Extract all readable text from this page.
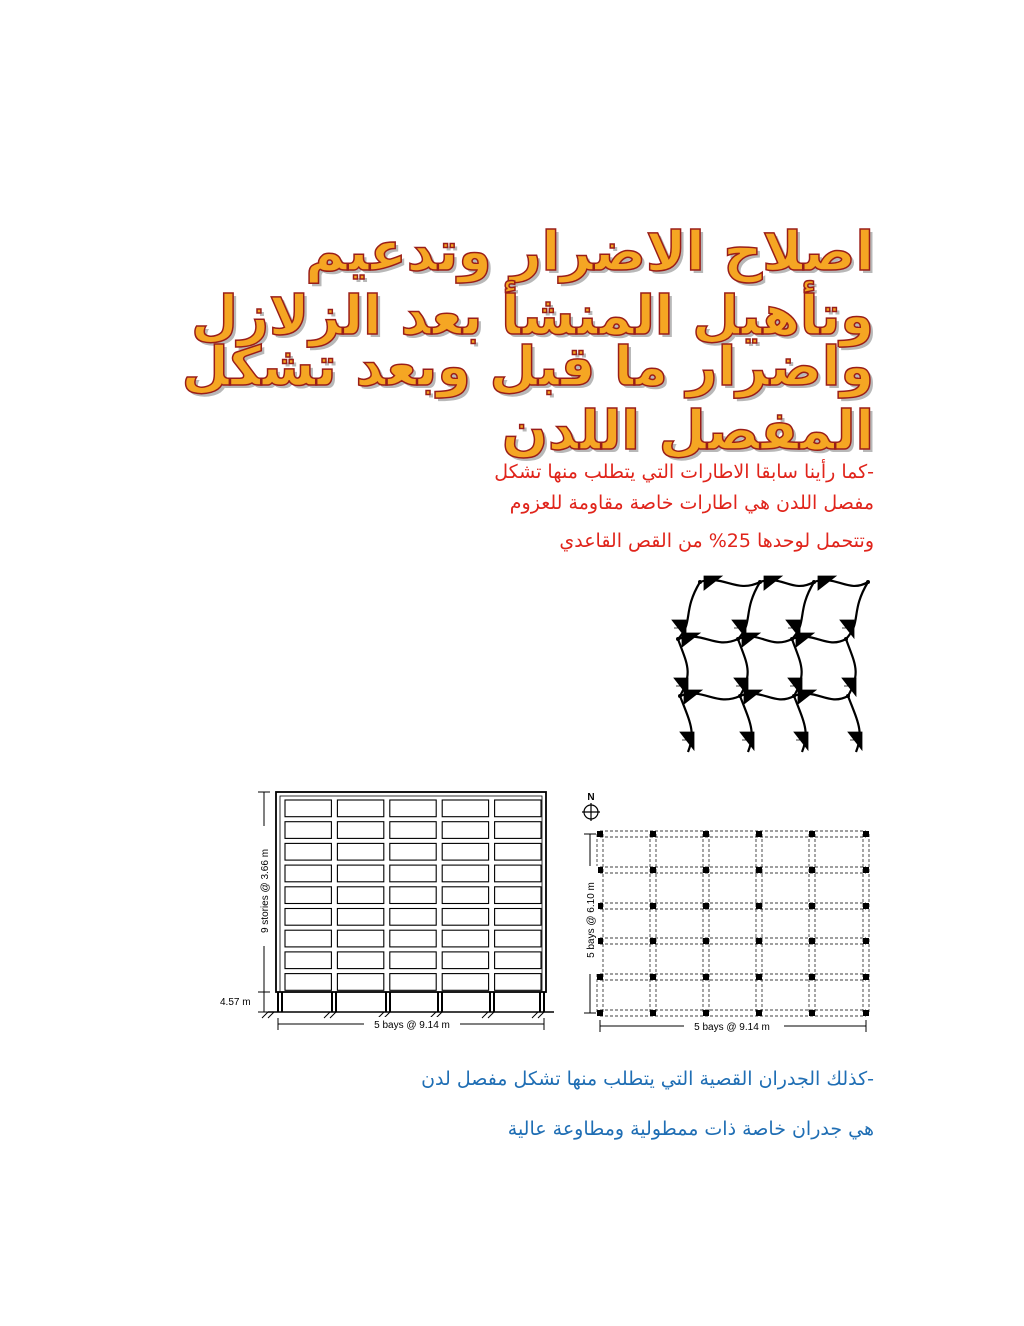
اصلاح الاضرار وتدعيم وتأهيل المنشأ بعد الزلازل
واضرار ما قبل وبعد تشكل المفصل اللدن
-كما رأينا سابقا الاطارات التي يتطلب منها تشكل
مفصل اللدن هي اطارات خاصة مقاومة للعزوم
وتتحمل لوحدها 25% من القص القاعدي
5 bays @ 9.14 m
9 stories @ 3.66 m
4.57 m
N
5 bays @ 9.14 m
5 bays @ 6.10 m
-كذلك الجدران القصية التي يتطلب منها تشكل مفصل لدن
هي جدران خاصة ذات ممطولية ومطاوعة عالية
